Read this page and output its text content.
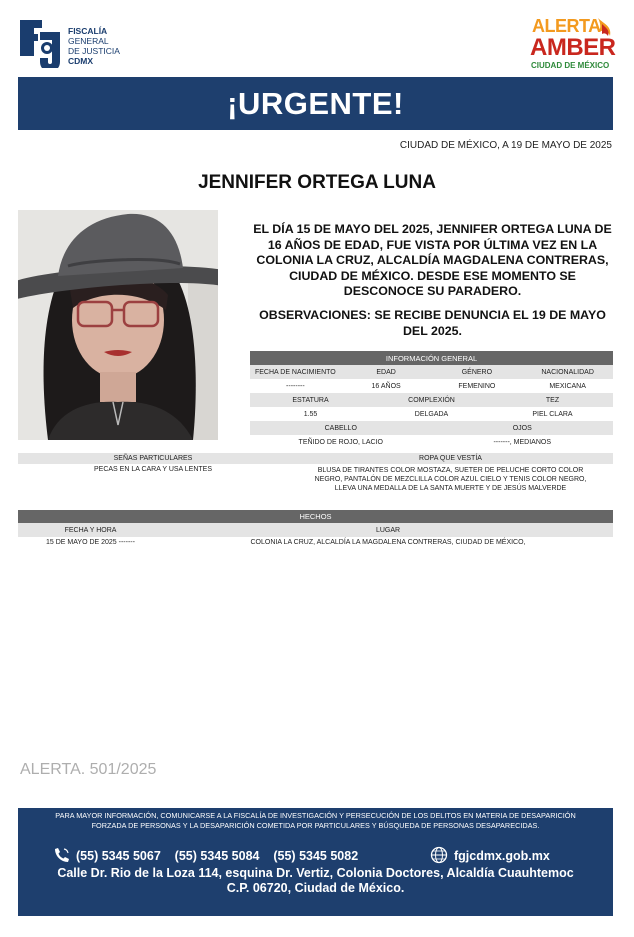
FISCALÍA
GENERAL
DE JUSTICIA
CDMX
ALERTA
AMBER
CIUDAD DE MÉXICO
¡URGENTE!
CIUDAD DE MÉXICO, A 19 DE MAYO DE 2025
JENNIFER ORTEGA LUNA
EL DÍA 15 DE MAYO DEL 2025, JENNIFER ORTEGA LUNA DE 16 AÑOS DE EDAD, FUE VISTA POR ÚLTIMA VEZ EN LA COLONIA LA CRUZ, ALCALDÍA MAGDALENA CONTRERAS, CIUDAD DE MÉXICO. DESDE ESE MOMENTO SE DESCONOCE SU PARADERO.
OBSERVACIONES: SE RECIBE DENUNCIA EL 19 DE MAYO DEL 2025.
INFORMACIÓN GENERAL
FECHA DE NACIMIENTO	EDAD	GÉNERO	NACIONALIDAD
--------	16 AÑOS	FEMENINO	MEXICANA
ESTATURA	COMPLEXIÓN	TEZ
1.55	DELGADA	PIEL CLARA
CABELLO	OJOS
TEÑIDO DE ROJO, LACIO	-------, MEDIANOS
SEÑAS PARTICULARES	ROPA QUE VESTÍA
PECAS EN LA CARA Y USA LENTES	BLUSA DE TIRANTES COLOR MOSTAZA, SUETER DE PELUCHE CORTO COLOR
NEGRO, PANTALÓN DE MEZCLILLA COLOR AZUL CIELO Y TENIS COLOR NEGRO,
LLEVA UNA MEDALLA DE LA SANTA MUERTE Y DE JESÚS MALVERDE
HECHOS
FECHA Y HORA	LUGAR
15 DE MAYO DE 2025 -------	COLONIA LA CRUZ, ALCALDÍA LA MAGDALENA CONTRERAS, CIUDAD DE MÉXICO,
ALERTA. 501/2025
PARA MAYOR INFORMACIÓN, COMUNICARSE A LA FISCALÍA DE INVESTIGACIÓN Y PERSECUCIÓN DE LOS DELITOS EN MATERIA DE DESAPARICIÓN
FORZADA DE PERSONAS Y LA DESAPARICIÓN COMETIDA POR PARTICULARES Y BÚSQUEDA DE PERSONAS DESAPARECIDAS.
(55) 5345 5067    (55) 5345 5084    (55) 5345 5082	fgjcdmx.gob.mx
Calle Dr. Rio de la Loza 114, esquina Dr. Vertiz, Colonia Doctores, Alcaldía Cuauhtemoc
C.P. 06720, Ciudad de México.
